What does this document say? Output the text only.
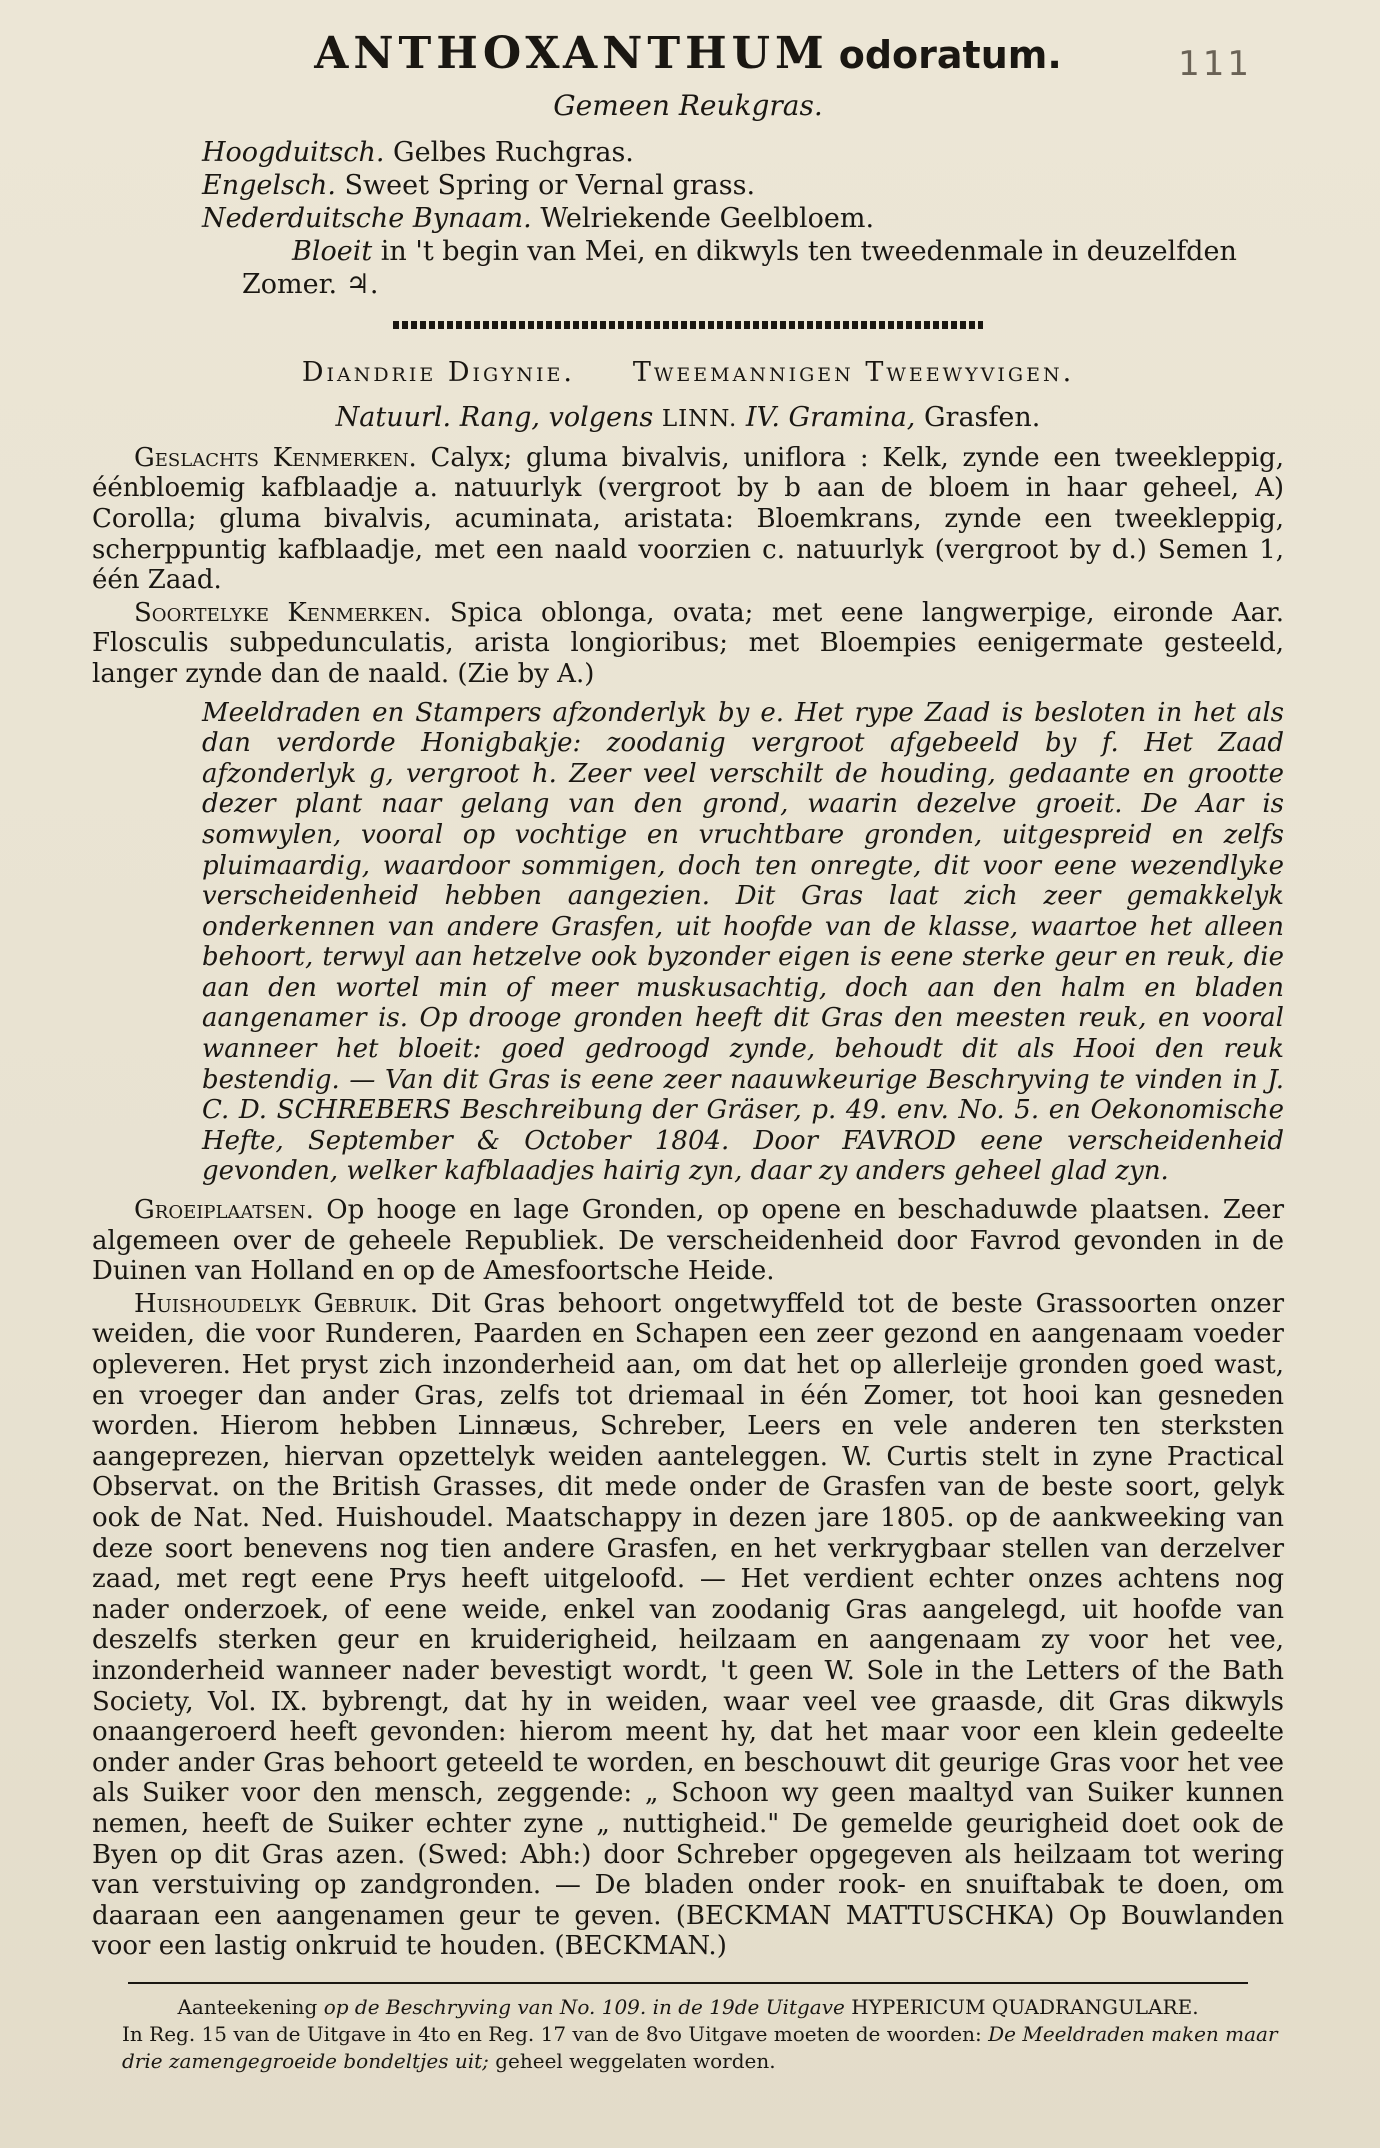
111
ANTHOXANTHUM odoratum.
Gemeen Reukgras.
Hoogduitsch. Gelbes Ruchgras.
Engelsch. Sweet Spring or Vernal grass.
Nederduitsche Bynaam. Welriekende Geelbloem.
Bloeit in 't begin van Mei, en dikwyls ten tweedenmale in deuzelfden
Zomer. ♃.
Diandrie Digynie. Tweemannigen Tweewyvigen.
Natuurl. Rang, volgens LINN. IV. Gramina, Grasfen.

Geslachts Kenmerken. Calyx; gluma bivalvis, uniflora : Kelk, zynde een tweekleppig, éénbloemig kafblaadje a. natuurlyk (vergroot by b aan de bloem in haar geheel, A) Corolla; gluma bivalvis, acuminata, aristata: Bloemkrans, zynde een tweekleppig, scherppuntig kafblaadje, met een naald voorzien c. natuurlyk (vergroot by d.) Semen 1, één Zaad.

Soortelyke Kenmerken. Spica oblonga, ovata; met eene langwerpige, eironde Aar. Flosculis subpedunculatis, arista longioribus; met Bloempies eenigermate gesteeld, langer zynde dan de naald. (Zie by A.)

Meeldraden en Stampers afzonderlyk by e. Het rype Zaad is besloten in het als dan verdorde Honigbakje: zoodanig vergroot afgebeeld by f. Het Zaad afzonderlyk g, vergroot h. Zeer veel verschilt de houding, gedaante en grootte dezer plant naar gelang van den grond, waarin dezelve groeit. De Aar is somwylen, vooral op vochtige en vruchtbare gronden, uitgespreid en zelfs pluimaardig, waardoor sommigen, doch ten onregte, dit voor eene wezendlyke verscheidenheid hebben aangezien. Dit Gras laat zich zeer gemakkelyk onderkennen van andere Grasfen, uit hoofde van de klasse, waartoe het alleen behoort, terwyl aan hetzelve ook byzonder eigen is eene sterke geur en reuk, die aan den wortel min of meer muskusachtig, doch aan den halm en bladen aangenamer is. Op drooge gronden heeft dit Gras den meesten reuk, en vooral wanneer het bloeit: goed gedroogd zynde, behoudt dit als Hooi den reuk bestendig. — Van dit Gras is eene zeer naauwkeurige Beschryving te vinden in J. C. D. SCHREBERS Beschreibung der Gräser, p. 49. env. No. 5. en Oekonomische Hefte, September & October 1804. Door FAVROD eene verscheidenheid gevonden, welker kafblaadjes hairig zyn, daar zy anders geheel glad zyn.

Groeiplaatsen. Op hooge en lage Gronden, op opene en beschaduwde plaatsen. Zeer algemeen over de geheele Republiek. De verscheidenheid door Favrod gevonden in de Duinen van Holland en op de Amesfoortsche Heide.

Huishoudelyk Gebruik. Dit Gras behoort ongetwyffeld tot de beste Grassoorten onzer weiden, die voor Runderen, Paarden en Schapen een zeer gezond en aangenaam voeder opleveren. Het pryst zich inzonderheid aan, om dat het op allerleije gronden goed wast, en vroeger dan ander Gras, zelfs tot driemaal in één Zomer, tot hooi kan gesneden worden. Hierom hebben Linnæus, Schreber, Leers en vele anderen ten sterksten aangeprezen, hiervan opzettelyk weiden aanteleggen. W. Curtis stelt in zyne Practical Observat. on the British Grasses, dit mede onder de Grasfen van de beste soort, gelyk ook de Nat. Ned. Huishoudel. Maatschappy in dezen jare 1805. op de aankweeking van deze soort benevens nog tien andere Grasfen, en het verkrygbaar stellen van derzelver zaad, met regt eene Prys heeft uitgeloofd. — Het verdient echter onzes achtens nog nader onderzoek, of eene weide, enkel van zoodanig Gras aangelegd, uit hoofde van deszelfs sterken geur en kruiderigheid, heilzaam en aangenaam zy voor het vee, inzonderheid wanneer nader bevestigt wordt, 't geen W. Sole in the Letters of the Bath Society, Vol. IX. bybrengt, dat hy in weiden, waar veel vee graasde, dit Gras dikwyls onaangeroerd heeft gevonden: hierom meent hy, dat het maar voor een klein gedeelte onder ander Gras behoort geteeld te worden, en beschouwt dit geurige Gras voor het vee als Suiker voor den mensch, zeggende: „ Schoon wy geen maaltyd van Suiker kunnen nemen, heeft de Suiker echter zyne „ nuttigheid." De gemelde geurigheid doet ook de Byen op dit Gras azen. (Swed: Abh:) door Schreber opgegeven als heilzaam tot wering van verstuiving op zandgronden. — De bladen onder rook- en snuiftabak te doen, om daaraan een aangenamen geur te geven. (BECKMAN MATTUSCHKA) Op Bouwlanden voor een lastig onkruid te houden. (BECKMAN.)

Aanteekening op de Beschryving van No. 109. in de 19de Uitgave HYPERICUM QUADRANGULARE.
In Reg. 15 van de Uitgave in 4to en Reg. 17 van de 8vo Uitgave moeten de woorden: De Meeldraden maken maar drie zamengegroeide bondeltjes uit; geheel weggelaten worden.
